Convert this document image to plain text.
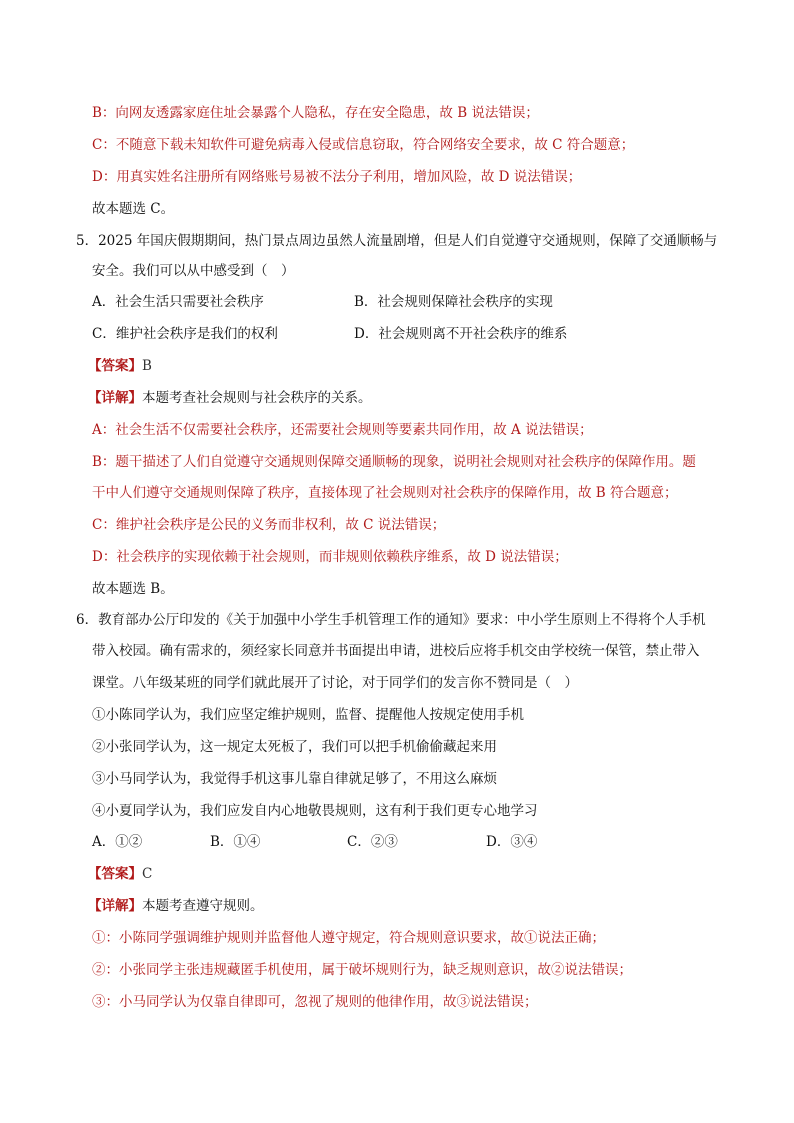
B：向网友透露家庭住址会暴露个人隐私，存在安全隐患，故 B 说法错误；
C：不随意下载未知软件可避免病毒入侵或信息窃取，符合网络安全要求，故 C 符合题意；
D：用真实姓名注册所有网络账号易被不法分子利用，增加风险，故 D 说法错误；
故本题选 C。
5．2025 年国庆假期期间，热门景点周边虽然人流量剧增，但是人们自觉遵守交通规则，保障了交通顺畅与
安全。我们可以从中感受到（　）
A．社会生活只需要社会秩序	B．社会规则保障社会秩序的实现
C．维护社会秩序是我们的权利	D．社会规则离不开社会秩序的维系
【答案】B
【详解】本题考查社会规则与社会秩序的关系。
A：社会生活不仅需要社会秩序，还需要社会规则等要素共同作用，故 A 说法错误；
B：题干描述了人们自觉遵守交通规则保障交通顺畅的现象，说明社会规则对社会秩序的保障作用。题
干中人们遵守交通规则保障了秩序，直接体现了社会规则对社会秩序的保障作用，故 B 符合题意；
C：维护社会秩序是公民的义务而非权利，故 C 说法错误；
D：社会秩序的实现依赖于社会规则，而非规则依赖秩序维系，故 D 说法错误；
故本题选 B。
6．教育部办公厅印发的《关于加强中小学生手机管理工作的通知》要求：中小学生原则上不得将个人手机
带入校园。确有需求的，须经家长同意并书面提出申请，进校后应将手机交由学校统一保管，禁止带入
课堂。八年级某班的同学们就此展开了讨论，对于同学们的发言你不赞同是（　）
①小陈同学认为，我们应坚定维护规则，监督、提醒他人按规定使用手机
②小张同学认为，这一规定太死板了，我们可以把手机偷偷藏起来用
③小马同学认为，我觉得手机这事儿靠自律就足够了，不用这么麻烦
④小夏同学认为，我们应发自内心地敬畏规则，这有利于我们更专心地学习
A．①②	B．①④	C．②③	D．③④
【答案】C
【详解】本题考查遵守规则。
①：小陈同学强调维护规则并监督他人遵守规定，符合规则意识要求，故①说法正确；
②：小张同学主张违规藏匿手机使用，属于破坏规则行为，缺乏规则意识，故②说法错误；
③：小马同学认为仅靠自律即可，忽视了规则的他律作用，故③说法错误；
